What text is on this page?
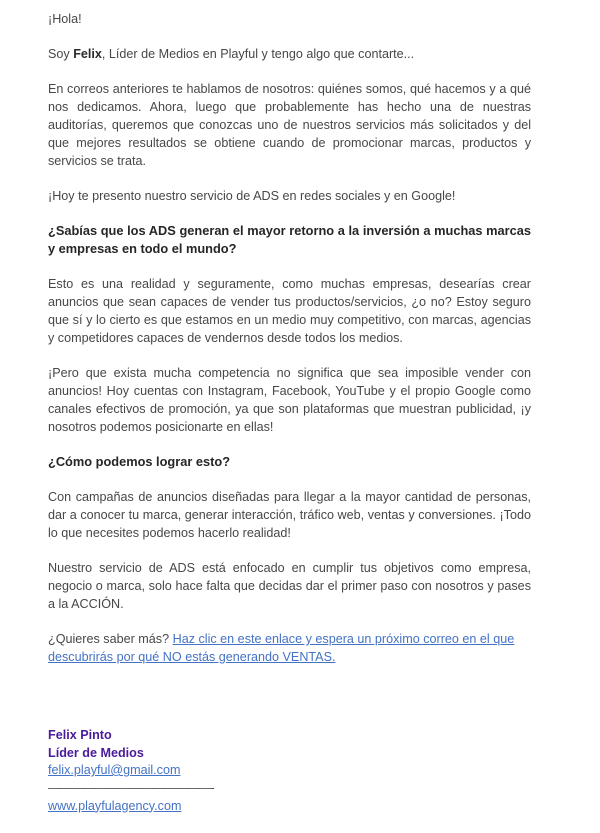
¡Hola!

Soy Felix, Líder de Medios en Playful y tengo algo que contarte...

En correos anteriores te hablamos de nosotros: quiénes somos, qué hacemos y a qué nos dedicamos. Ahora, luego que probablemente has hecho una de nuestras auditorías, queremos que conozcas uno de nuestros servicios más solicitados y del que mejores resultados se obtiene cuando de promocionar marcas, productos y servicios se trata.

¡Hoy te presento nuestro servicio de ADS en redes sociales y en Google!

¿Sabías que los ADS generan el mayor retorno a la inversión a muchas marcas y empresas en todo el mundo?

Esto es una realidad y seguramente, como muchas empresas, desearías crear anuncios que sean capaces de vender tus productos/servicios, ¿o no? Estoy seguro que sí y lo cierto es que estamos en un medio muy competitivo, con marcas, agencias y competidores capaces de vendernos desde todos los medios.

¡Pero que exista mucha competencia no significa que sea imposible vender con anuncios! Hoy cuentas con Instagram, Facebook, YouTube y el propio Google como canales efectivos de promoción, ya que son plataformas que muestran publicidad, ¡y nosotros podemos posicionarte en ellas!

¿Cómo podemos lograr esto?

Con campañas de anuncios diseñadas para llegar a la mayor cantidad de personas, dar a conocer tu marca, generar interacción, tráfico web, ventas y conversiones. ¡Todo lo que necesites podemos hacerlo realidad!

Nuestro servicio de ADS está enfocado en cumplir tus objetivos como empresa, negocio o marca, solo hace falta que decidas dar el primer paso con nosotros y pases a la ACCIÓN.

¿Quieres saber más? Haz clic en este enlace y espera un próximo correo en el que descubrirás por qué NO estás generando VENTAS.

Felix Pinto
Líder de Medios
felix.playful@gmail.com
——————————————-
www.playfulagency.com
